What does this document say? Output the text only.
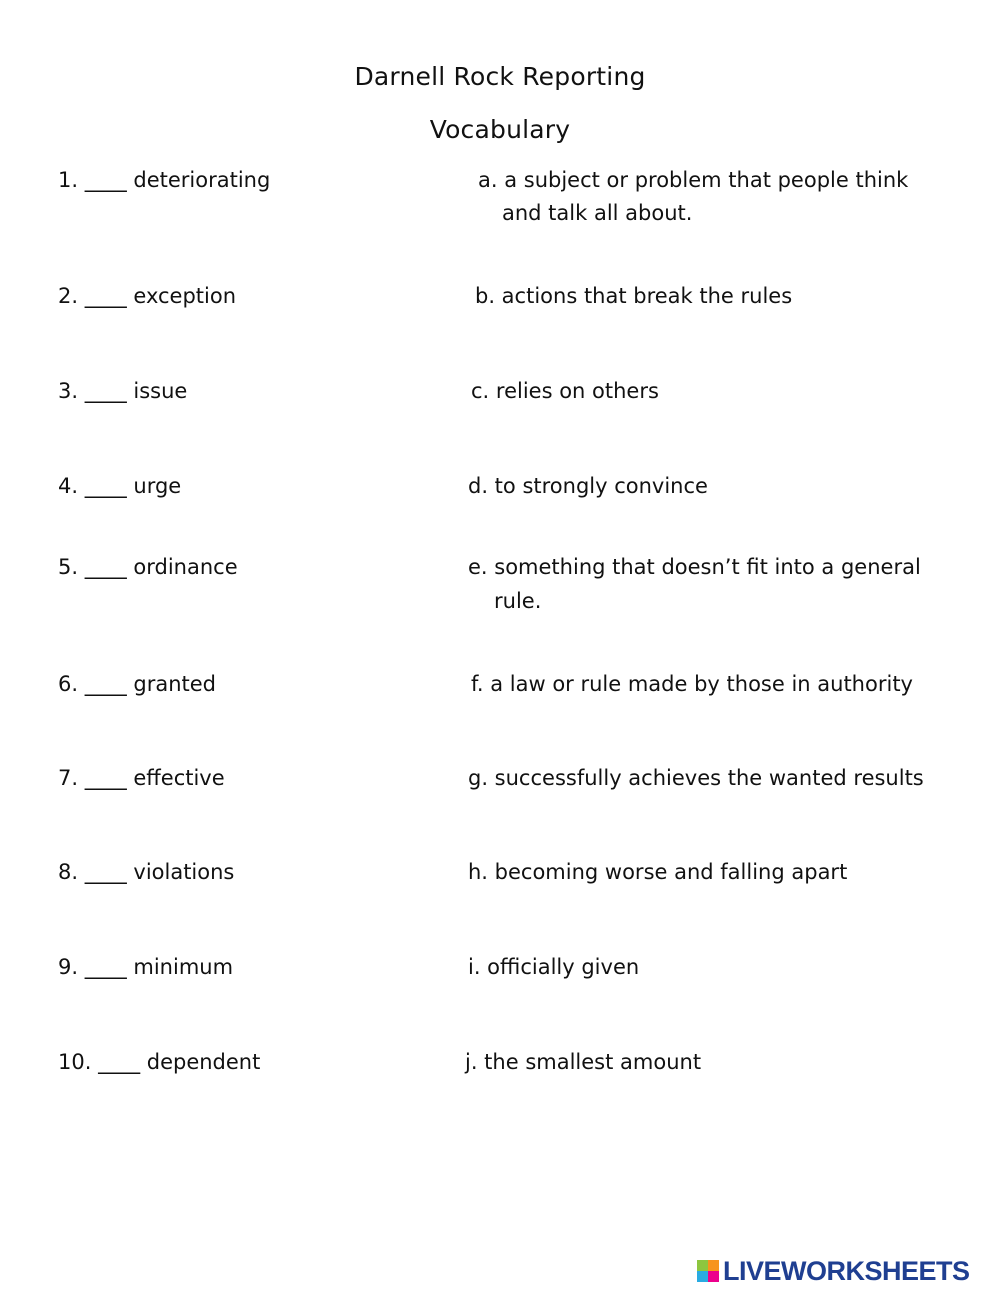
Darnell Rock Reporting
Vocabulary
1. ____ deteriorating
2. ____ exception
3. ____ issue
4. ____ urge
5. ____ ordinance
6. ____ granted
7. ____ effective
8. ____ violations
9. ____ minimum
10. ____ dependent
a. a subject or problem that people think
and talk all about.
b. actions that break the rules
c. relies on others
d. to strongly convince
e. something that doesn’t fit into a general
rule.
f. a law or rule made by those in authority
g. successfully achieves the wanted results
h. becoming worse and falling apart
i. officially given
j. the smallest amount
LIVEWORKSHEETS
